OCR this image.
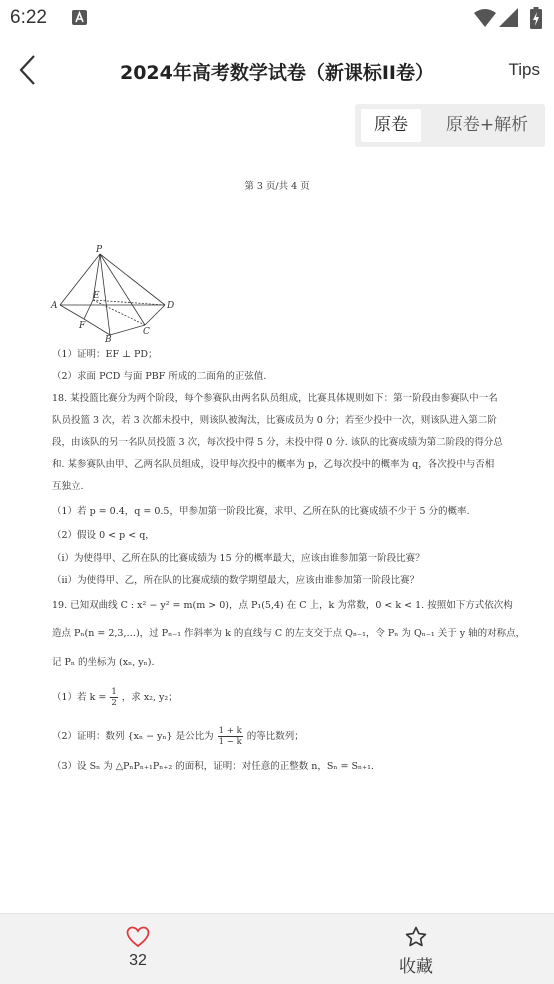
6:22
2024年高考数学试卷（新课标II卷）	Tips
原卷	原卷+解析
第 3 页/共 4 页
P
A
E
D
F
B
C
（1）证明：EF ⊥ PD；
（2）求面 PCD 与面 PBF 所成的二面角的正弦值.
18. 某投篮比赛分为两个阶段，每个参赛队由两名队员组成，比赛具体规则如下：第一阶段由参赛队中一名
队员投篮 3 次，若 3 次都未投中，则该队被淘汰，比赛成员为 0 分；若至少投中一次，则该队进入第二阶
段，由该队的另一名队员投篮 3 次，每次投中得 5 分，未投中得 0 分. 该队的比赛成绩为第二阶段的得分总
和. 某参赛队由甲、乙两名队员组成，设甲每次投中的概率为 p，乙每次投中的概率为 q，各次投中与否相
互独立.
（1）若 p = 0.4，q = 0.5，甲参加第一阶段比赛，求甲、乙所在队的比赛成绩不少于 5 分的概率.
（2）假设 0 < p < q，
（i）为使得甲、乙所在队的比赛成绩为 15 分的概率最大，应该由谁参加第一阶段比赛？
（ii）为使得甲、乙，所在队的比赛成绩的数学期望最大，应该由谁参加第一阶段比赛？
19. 已知双曲线 C : x² − y² = m(m > 0)，点 P₁(5,4) 在 C 上，k 为常数，0 < k < 1. 按照如下方式依次构
造点 Pₙ(n = 2,3,…)，过 Pₙ₋₁ 作斜率为 k 的直线与 C 的左支交于点 Qₙ₋₁，令 Pₙ 为 Qₙ₋₁ 关于 y 轴的对称点，
记 Pₙ 的坐标为 (xₙ, yₙ).
（1）若 $k = \frac{1}{2}$ ，求 x₂, y₂；
（2）证明：数列 {xₙ − yₙ} 是公比为 $\frac{1 + k}{1 - k}$ 的等比数列；
（3）设 Sₙ 为 △PₙPₙ₊₁Pₙ₊₂ 的面积，证明：对任意的正整数 n，Sₙ = Sₙ₊₁.
32	收藏
